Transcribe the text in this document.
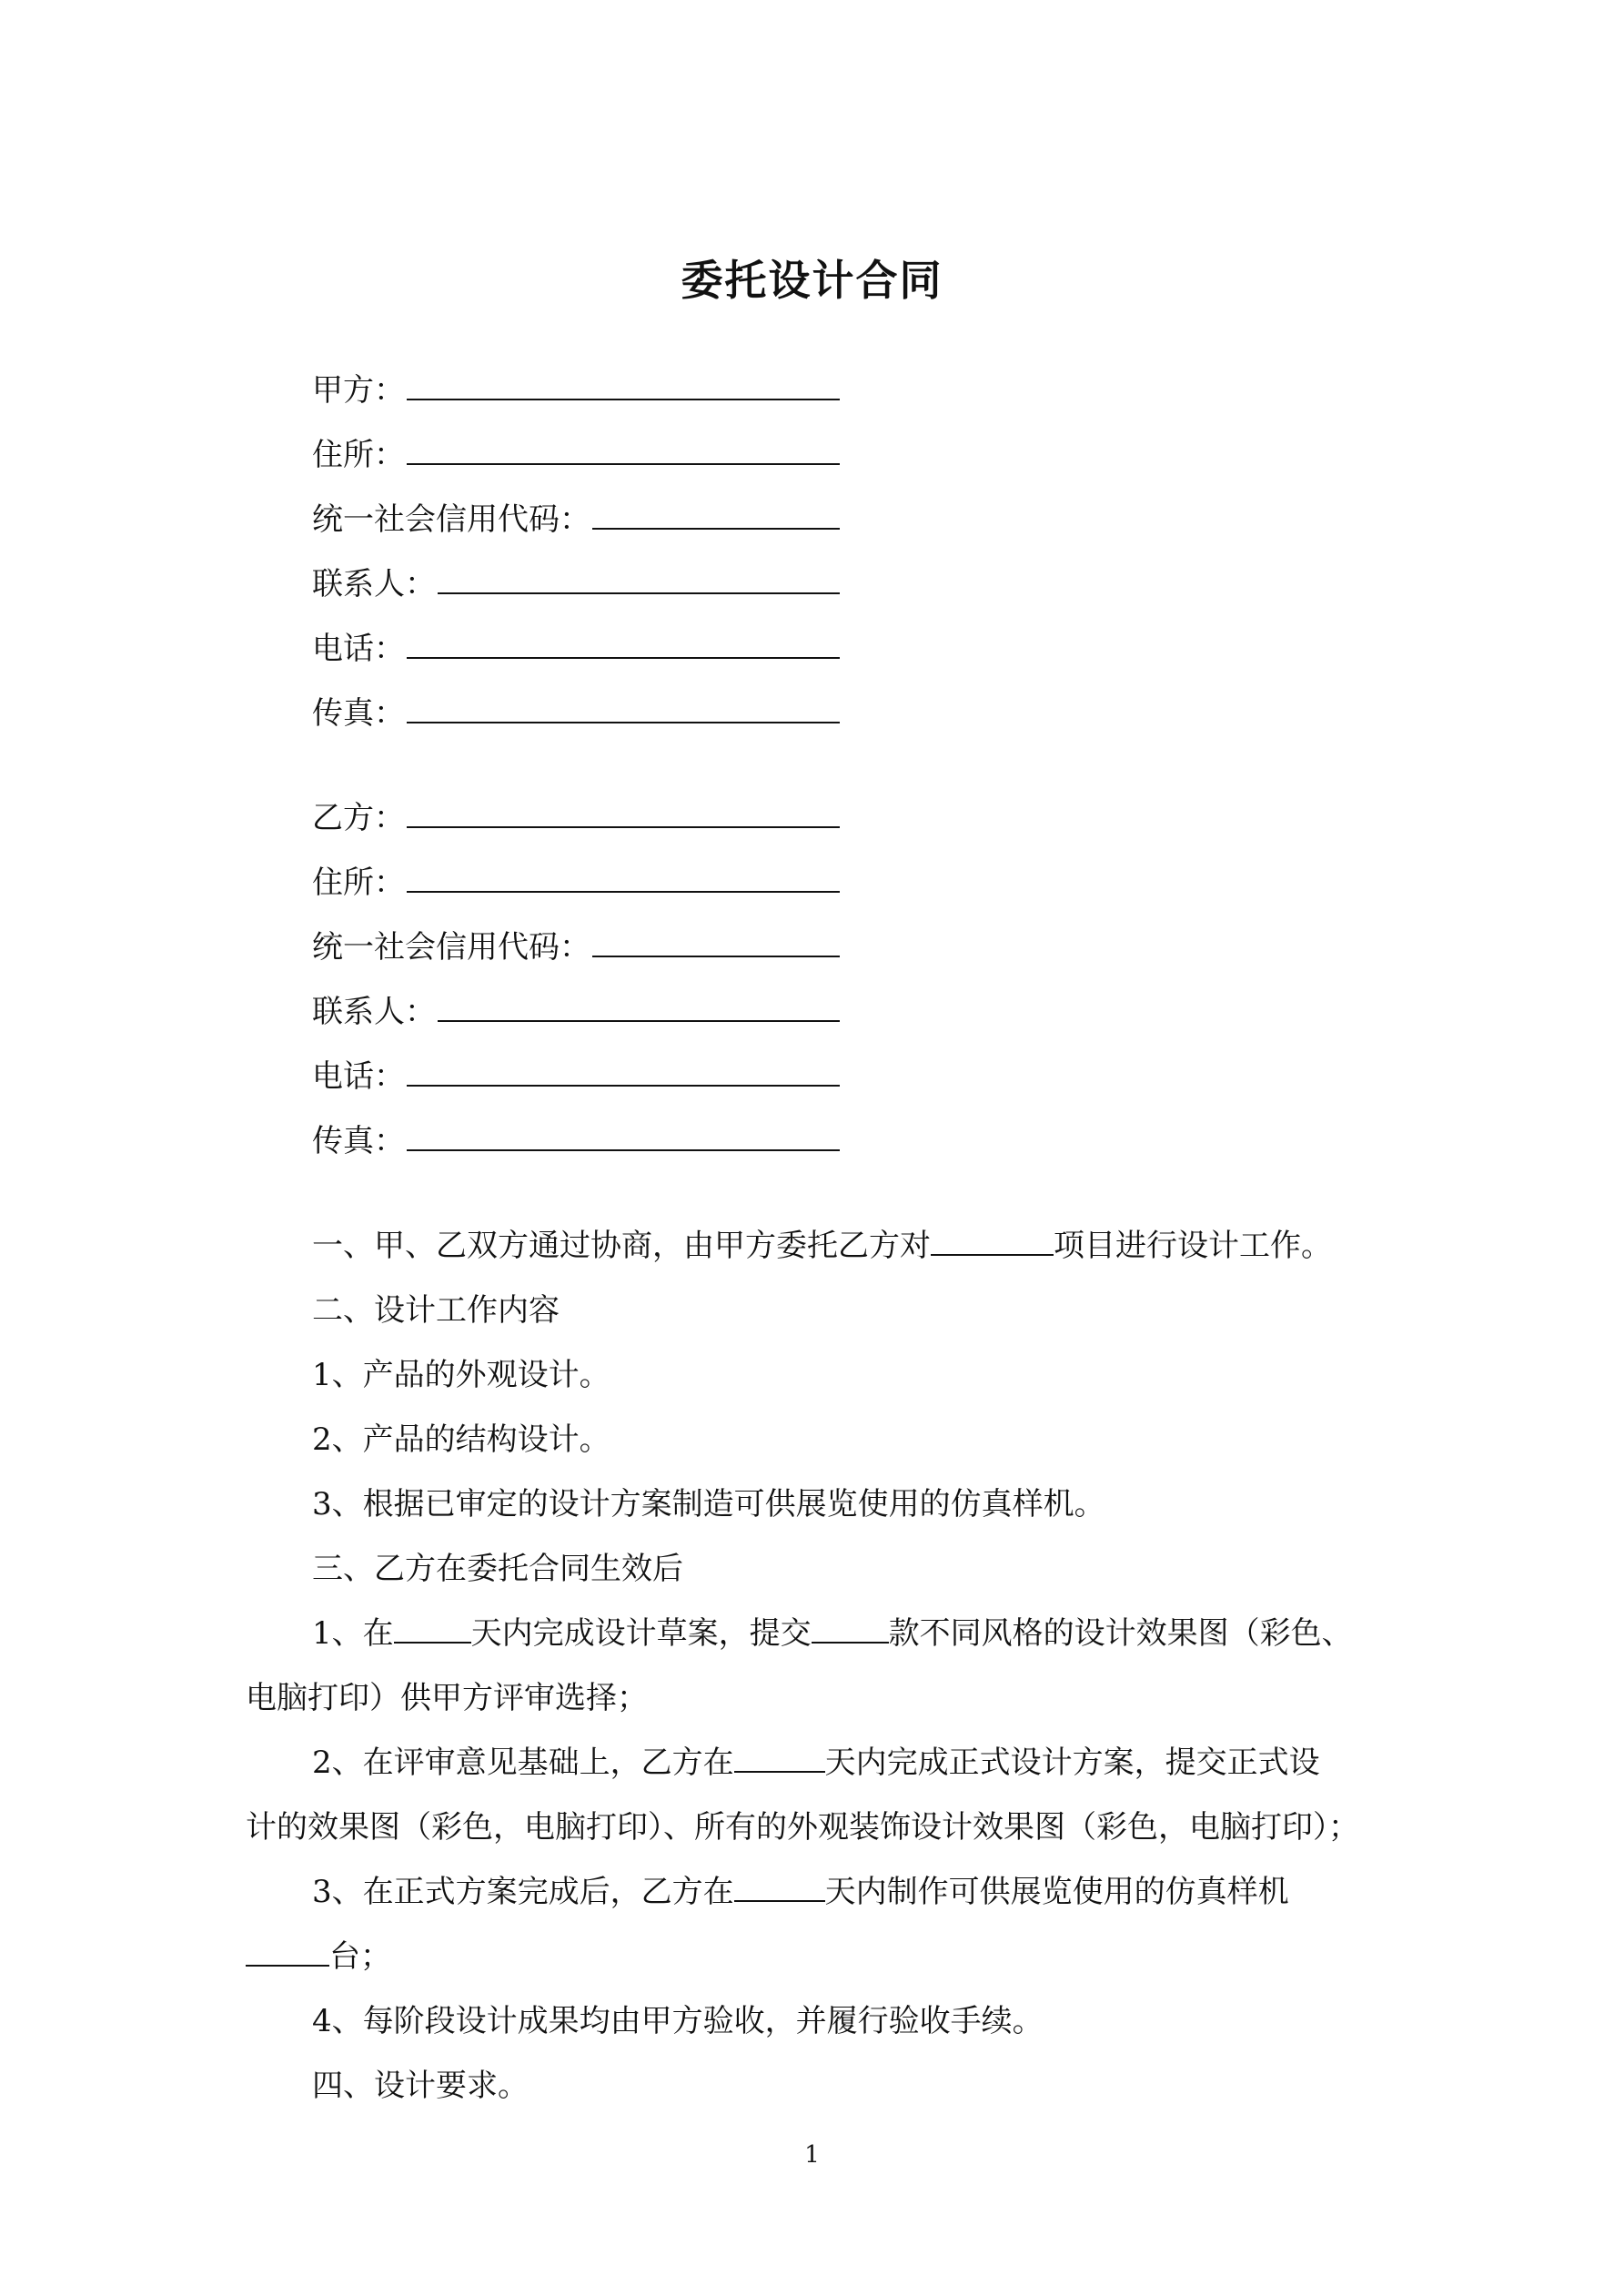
委托设计合同
甲方：
住所：
统一社会信用代码：
联系人：
电话：
传真：
乙方：
住所：
统一社会信用代码：
联系人：
电话：
传真：
一、甲、乙双方通过协商，由甲方委托乙方对	项目进行设计工作。
二、设计工作内容
1、产品的外观设计。
2、产品的结构设计。
3、根据已审定的设计方案制造可供展览使用的仿真样机。
三、乙方在委托合同生效后
1、在	天内完成设计草案，提交	款不同风格的设计效果图（彩色、
电脑打印）供甲方评审选择；
2、在评审意见基础上，乙方在	天内完成正式设计方案，提交正式设
计的效果图（彩色，电脑打印）、所有的外观装饰设计效果图（彩色，电脑打印）；
3、在正式方案完成后，乙方在	天内制作可供展览使用的仿真样机
台；
4、每阶段设计成果均由甲方验收，并履行验收手续。
四、设计要求。
1
